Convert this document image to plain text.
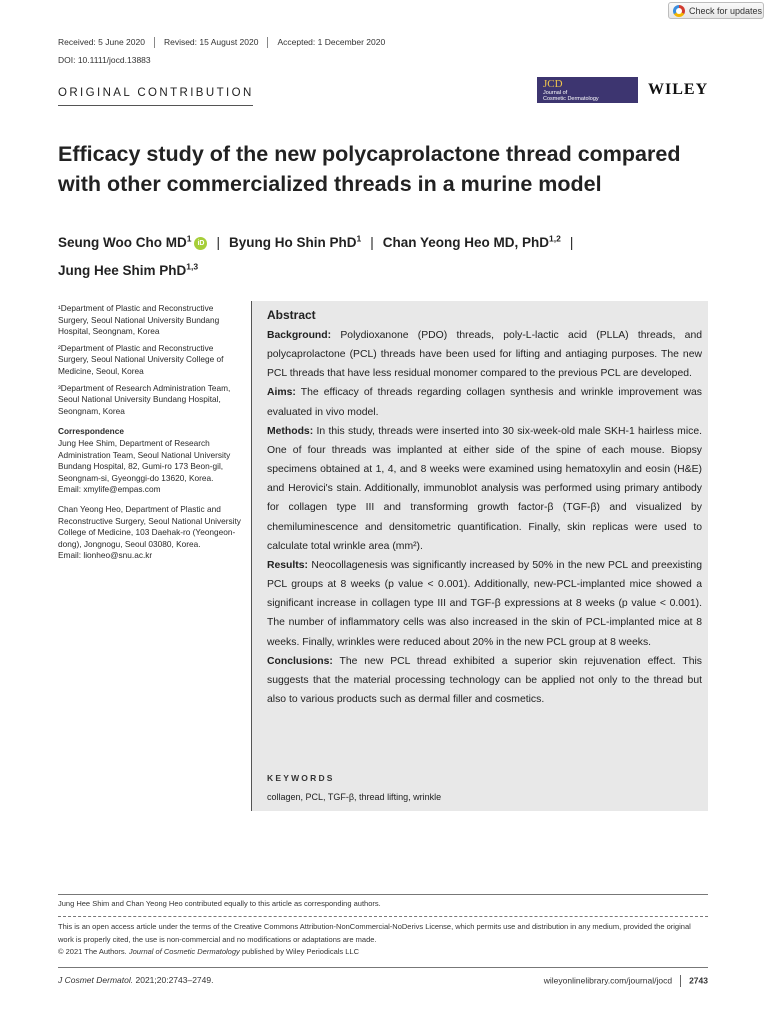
Check for updates
Received: 5 June 2020 Revised: 15 August 2020 Accepted: 1 December 2020
DOI: 10.1111/jocd.13883
ORIGINAL CONTRIBUTION
JCD
Journal of
Cosmetic Dermatology
WILEY
Efficacy study of the new polycaprolactone thread compared with other commercialized threads in a murine model
Seung Woo Cho $MD^1$ iD | Byung Ho Shin PhD$^1$ | Chan Yeong Heo MD, PhD$^{1,2}$ |
Jung Hee Shim PhD$^{1,3}$

¹Department of Plastic and Reconstructive Surgery, Seoul National University Bundang Hospital, Seongnam, Korea

²Department of Plastic and Reconstructive Surgery, Seoul National University College of Medicine, Seoul, Korea

³Department of Research Administration Team, Seoul National University Bundang Hospital, Seongnam, Korea

Correspondence

Jung Hee Shim, Department of Research Administration Team, Seoul National University Bundang Hospital, 82, Gumi-ro 173 Beon-gil, Seongnam-si, Gyeonggi-do 13620, Korea.

Email: xmylife@empas.com

Chan Yeong Heo, Department of Plastic and Reconstructive Surgery, Seoul National University College of Medicine, 103 Daehak-ro (Yeongeon-dong), Jongnogu, Seoul 03080, Korea.

Email: lionheo@snu.ac.kr

Abstract

Background: Polydioxanone (PDO) threads, poly-L-lactic acid (PLLA) threads, and polycaprolactone (PCL) threads have been used for lifting and antiaging purposes. The new PCL threads that have less residual monomer compared to the previous PCL are developed.

Aims: The efficacy of threads regarding collagen synthesis and wrinkle improvement was evaluated in vivo model.

Methods: In this study, threads were inserted into 30 six-week-old male SKH-1 hairless mice. One of four threads was implanted at either side of the spine of each mouse. Biopsy specimens obtained at 1, 4, and 8 weeks were examined using hematoxylin and eosin (H&E) and Herovici's stain. Additionally, immunoblot analysis was performed using primary antibody for collagen type III and transforming growth factor-β (TGF-β) and visualized by chemiluminescence and densitometric quantification. Finally, skin replicas were used to calculate total wrinkle area (mm²).

Results: Neocollagenesis was significantly increased by 50% in the new PCL and preexisting PCL groups at 8 weeks (p value < 0.001). Additionally, new-PCL-implanted mice showed a significant increase in collagen type III and TGF-β expressions at 8 weeks (p value < 0.001). The number of inflammatory cells was also increased in the skin of PCL-implanted mice at 8 weeks. Finally, wrinkles were reduced about 20% in the new PCL group at 8 weeks.

Conclusions: The new PCL thread exhibited a superior skin rejuvenation effect. This suggests that the material processing technology can be applied not only to the thread but also to various products such as dermal filler and cosmetics.

KEYWORDS
collagen, PCL, TGF-β, thread lifting, wrinkle
Jung Hee Shim and Chan Yeong Heo contributed equally to this article as corresponding authors.
This is an open access article under the terms of the Creative Commons Attribution-NonCommercial-NoDerivs License, which permits use and distribution in any medium, provided the original work is properly cited, the use is non-commercial and no modifications or adaptations are made.
© 2021 The Authors. Journal of Cosmetic Dermatology published by Wiley Periodicals LLC
J Cosmet Dermatol. 2021;20:2743–2749.	wileyonlinelibrary.com/journal/jocd 2743
